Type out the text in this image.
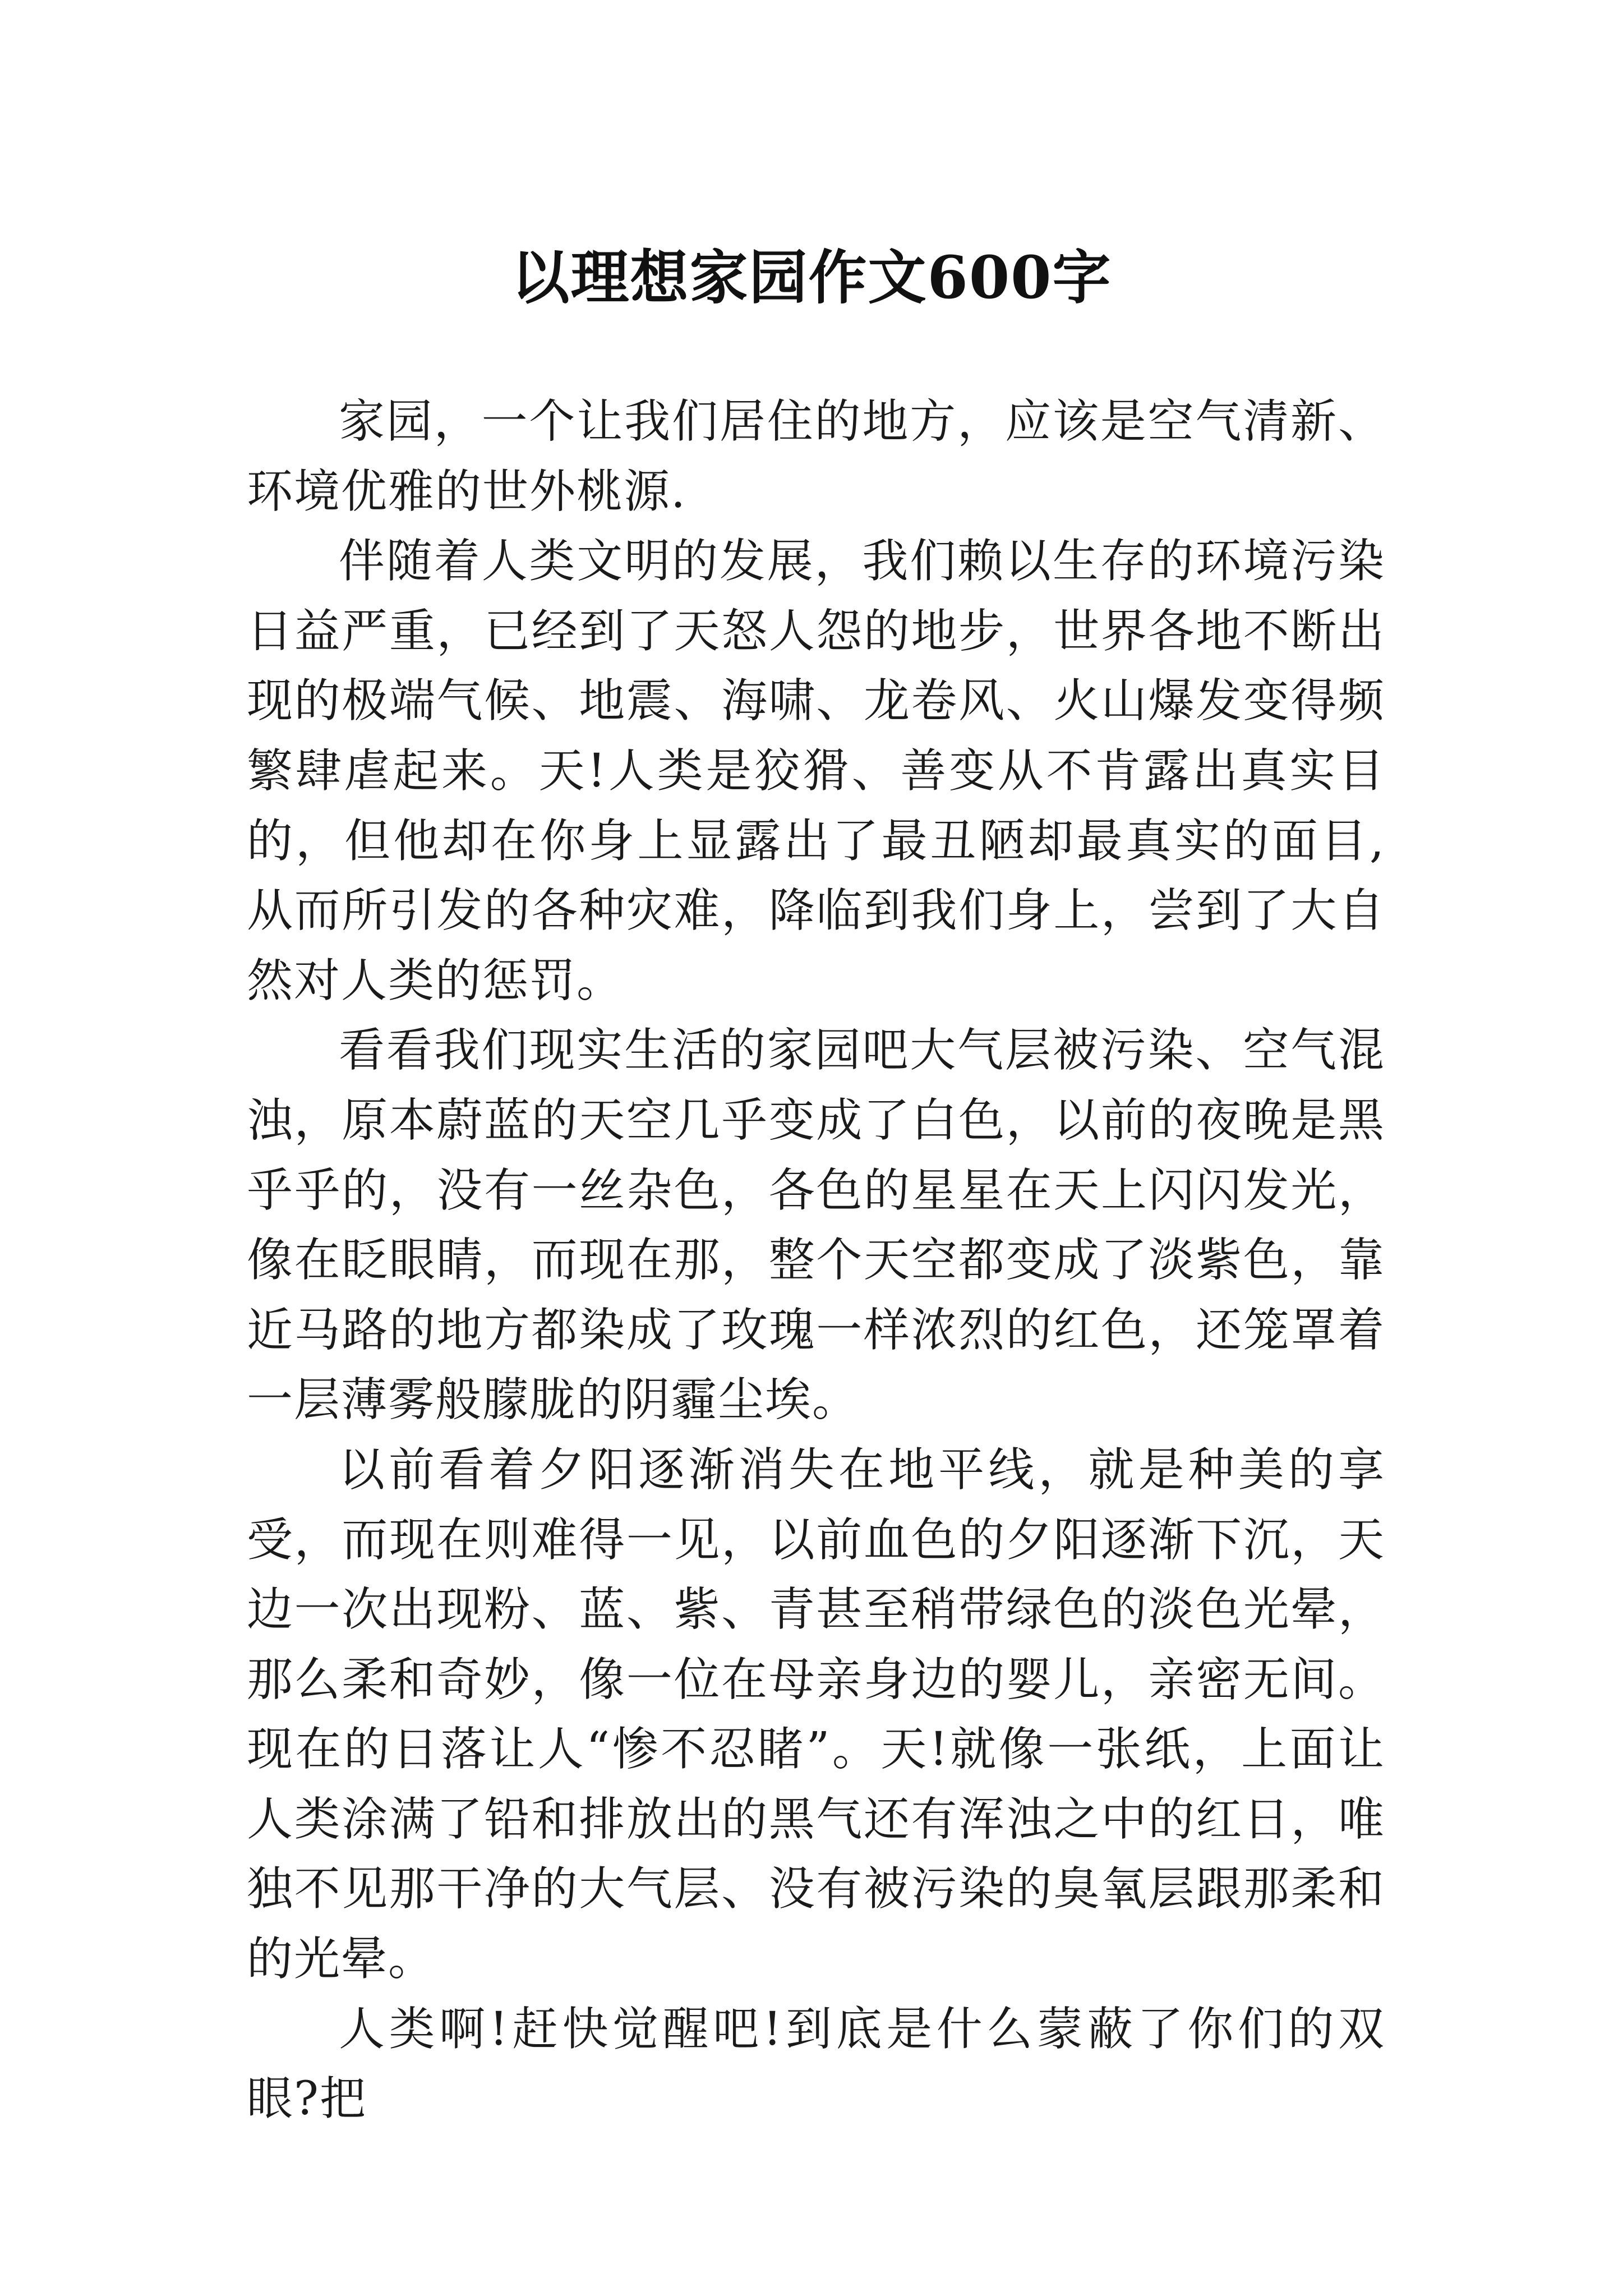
以理想家园作文600字

家园，一个让我们居住的地方，应该是空气清新、环境优雅的世外桃源.

伴随着人类文明的发展，我们赖以生存的环境污染日益严重，已经到了天怒人怨的地步，世界各地不断出现的极端气候、地震、海啸、龙卷风、火山爆发变得频繁肆虐起来。天!人类是狡猾、善变从不肯露出真实目的，但他却在你身上显露出了最丑陋却最真实的面目,从而所引发的各种灾难，降临到我们身上，尝到了大自然对人类的惩罚。

看看我们现实生活的家园吧大气层被污染、空气混浊，原本蔚蓝的天空几乎变成了白色，以前的夜晚是黑乎乎的，没有一丝杂色，各色的星星在天上闪闪发光，像在眨眼睛，而现在那，整个天空都变成了淡紫色，靠近马路的地方都染成了玫瑰一样浓烈的红色，还笼罩着一层薄雾般朦胧的阴霾尘埃。

以前看着夕阳逐渐消失在地平线，就是种美的享受，而现在则难得一见，以前血色的夕阳逐渐下沉，天边一次出现粉、蓝、紫、青甚至稍带绿色的淡色光晕，那么柔和奇妙，像一位在母亲身边的婴儿，亲密无间。现在的日落让人“惨不忍睹”。天!就像一张纸，上面让人类涂满了铅和排放出的黑气还有浑浊之中的红日，唯独不见那干净的大气层、没有被污染的臭氧层跟那柔和的光晕。

人类啊!赶快觉醒吧!到底是什么蒙蔽了你们的双眼?把
